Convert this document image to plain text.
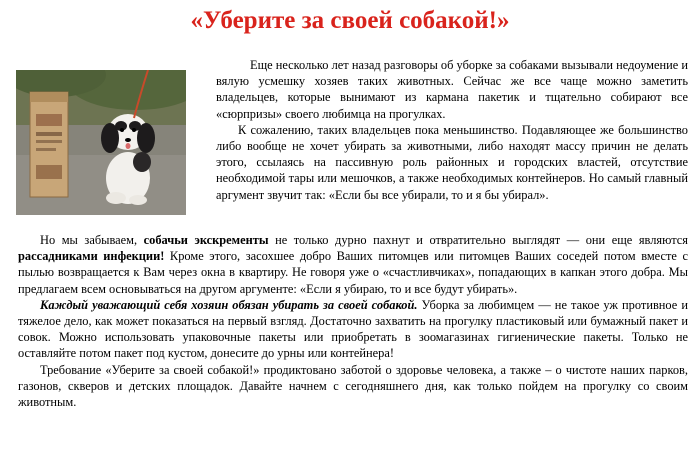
«Уберите за своей собакой!»

Еще несколько лет назад разговоры об уборке за собаками вызывали недоумение и вялую усмешку хозяев таких животных. Сейчас же все чаще можно заметить владельцев, которые вынимают из кармана пакетик и тщательно собирают все «сюрпризы» своего любимца на прогулках.

К сожалению, таких владельцев пока меньшинство. Подавляющее же большинство либо вообще не хочет убирать за животными, либо находят массу причин не делать этого, ссылаясь на пассивную роль районных и городских властей, отсутствие необходимой тары или мешочков, а также необходимых контейнеров. Но самый главный аргумент звучит так: «Если бы все убирали, то и я бы убирал».

Но мы забываем, собачьи экскременты не только дурно пахнут и отвратительно выглядят — они еще являются рассадниками инфекции! Кроме этого, засохшее добро Ваших питомцев или питомцев Ваших соседей потом вместе с пылью возвращается к Вам через окна в квартиру. Не говоря уже о «счастливчиках», попадающих в капкан этого добра. Мы предлагаем всем основываться на другом аргументе: «Если я убираю, то и все будут убирать».

Каждый уважающий себя хозяин обязан убирать за своей собакой. Уборка за любимцем — не такое уж противное и тяжелое дело, как может показаться на первый взгляд. Достаточно захватить на прогулку пластиковый или бумажный пакет и совок. Можно использовать упаковочные пакеты или приобретать в зоомагазинах гигиенические пакеты. Только не оставляйте потом пакет под кустом, донесите до урны или контейнера!

Требование «Уберите за своей собакой!» продиктовано заботой о здоровье человека, а также – о чистоте наших парков, газонов, скверов и детских площадок. Давайте начнем с сегодняшнего дня, как только пойдем на прогулку со своим животным.
